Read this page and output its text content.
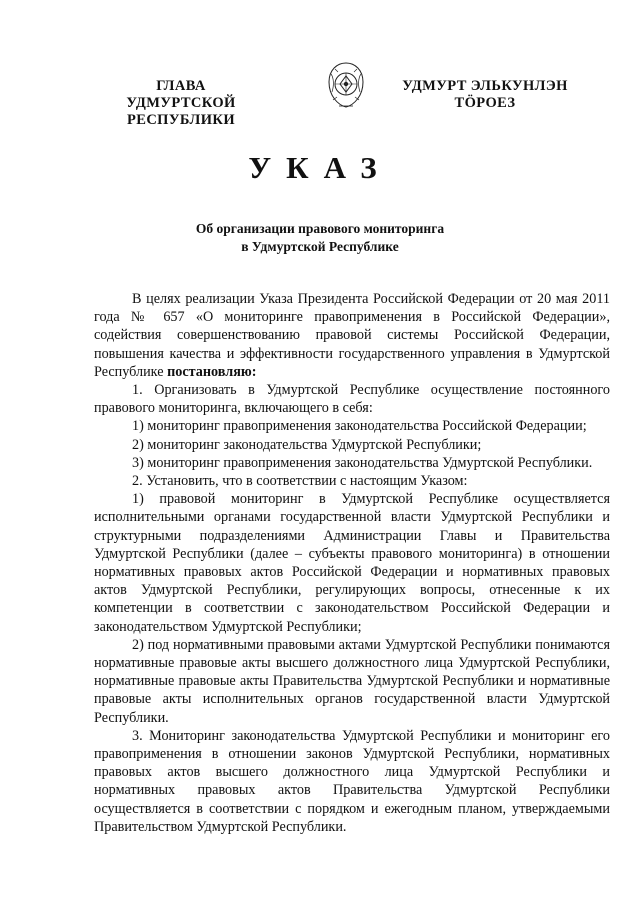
ГЛАВА
УДМУРТСКОЙ РЕСПУБЛИКИ
УДМУРТ ЭЛЬКУНЛЭН
ТӦРОЕЗ
УКАЗ
Об организации правового мониторинга
в Удмуртской Республике

В целях реализации Указа Президента Российской Федерации от 20 мая 2011 года № 657 «О мониторинге правоприменения в Российской Федерации», содействия совершенствованию правовой системы Российской Федерации, повышения качества и эффективности государственного управления в Удмуртской Республике постановляю:

1. Организовать в Удмуртской Республике осуществление постоянного правового мониторинга, включающего в себя:

1) мониторинг правоприменения законодательства Российской Федерации;

2) мониторинг законодательства Удмуртской Республики;

3) мониторинг правоприменения законодательства Удмуртской Республики.

2. Установить, что в соответствии с настоящим Указом:

1) правовой мониторинг в Удмуртской Республике осуществляется исполнительными органами государственной власти Удмуртской Республики и структурными подразделениями Администрации Главы и Правительства Удмуртской Республики (далее – субъекты правового мониторинга) в отношении нормативных правовых актов Российской Федерации и нормативных правовых актов Удмуртской Республики, регулирующих вопросы, отнесенные к их компетенции в соответствии с законодательством Российской Федерации и законодательством Удмуртской Республики;

2) под нормативными правовыми актами Удмуртской Республики понимаются нормативные правовые акты высшего должностного лица Удмуртской Республики, нормативные правовые акты Правительства Удмуртской Республики и нормативные правовые акты исполнительных органов государственной власти Удмуртской Республики.

3. Мониторинг законодательства Удмуртской Республики и мониторинг его правоприменения в отношении законов Удмуртской Республики, нормативных правовых актов высшего должностного лица Удмуртской Республики и нормативных правовых актов Правительства Удмуртской Республики осуществляется в соответствии с порядком и ежегодным планом, утверждаемыми Правительством Удмуртской Республики.
